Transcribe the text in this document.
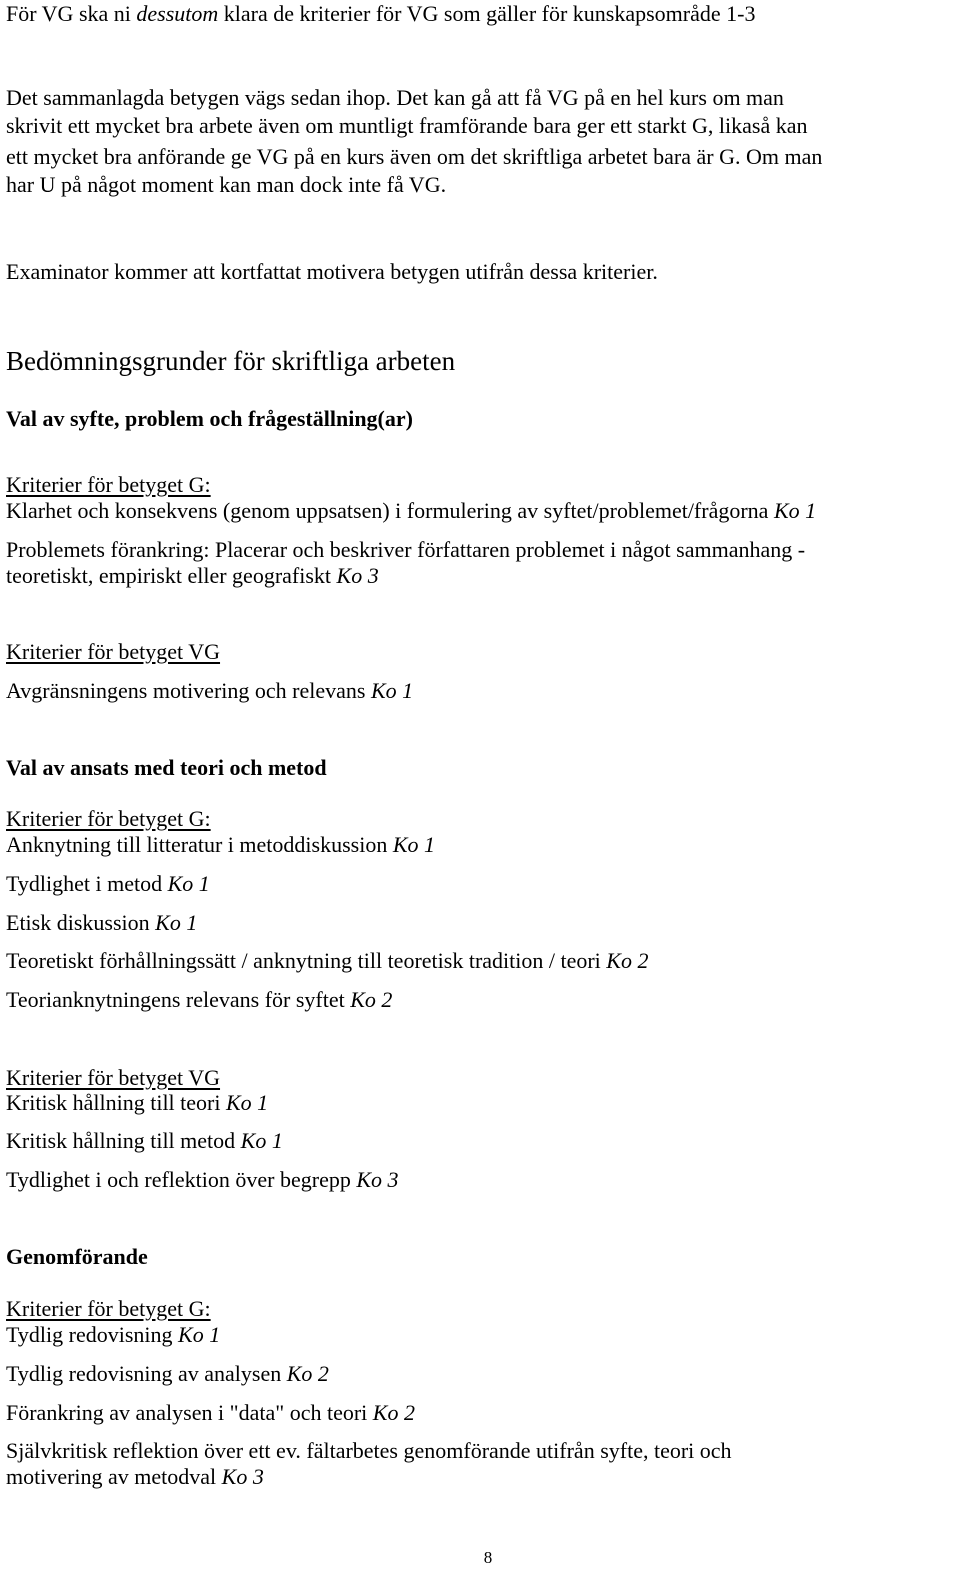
För VG ska ni dessutom klara de kriterier för VG som gäller för kunskapsområde 1-3

Det sammanlagda betygen vägs sedan ihop. Det kan gå att få VG på en hel kurs om man

skrivit ett mycket bra arbete även om muntligt framförande bara ger ett starkt G, likaså kan

ett mycket bra anförande ge VG på en kurs även om det skriftliga arbetet bara är G. Om man

har U på något moment kan man dock inte få VG.

Examinator kommer att kortfattat motivera betygen utifrån dessa kriterier.

Bedömningsgrunder för skriftliga arbeten

Val av syfte, problem och frågeställning(ar)

Kriterier för betyget G:

Klarhet och konsekvens (genom uppsatsen) i formulering av syftet/problemet/frågorna Ko 1

Problemets förankring: Placerar och beskriver författaren problemet i något sammanhang -

teoretiskt, empiriskt eller geografiskt Ko 3

Kriterier för betyget VG

Avgränsningens motivering och relevans Ko 1

Val av ansats med teori och metod

Kriterier för betyget G:

Anknytning till litteratur i metoddiskussion Ko 1

Tydlighet i metod Ko 1

Etisk diskussion Ko 1

Teoretiskt förhållningssätt / anknytning till teoretisk tradition / teori Ko 2

Teorianknytningens relevans för syftet Ko 2

Kriterier för betyget VG

Kritisk hållning till teori Ko 1

Kritisk hållning till metod Ko 1

Tydlighet i och reflektion över begrepp Ko 3

Genomförande

Kriterier för betyget G:

Tydlig redovisning Ko 1

Tydlig redovisning av analysen Ko 2

Förankring av analysen i "data" och teori Ko 2

Självkritisk reflektion över ett ev. fältarbetes genomförande utifrån syfte, teori och

motivering av metodval Ko 3

8
